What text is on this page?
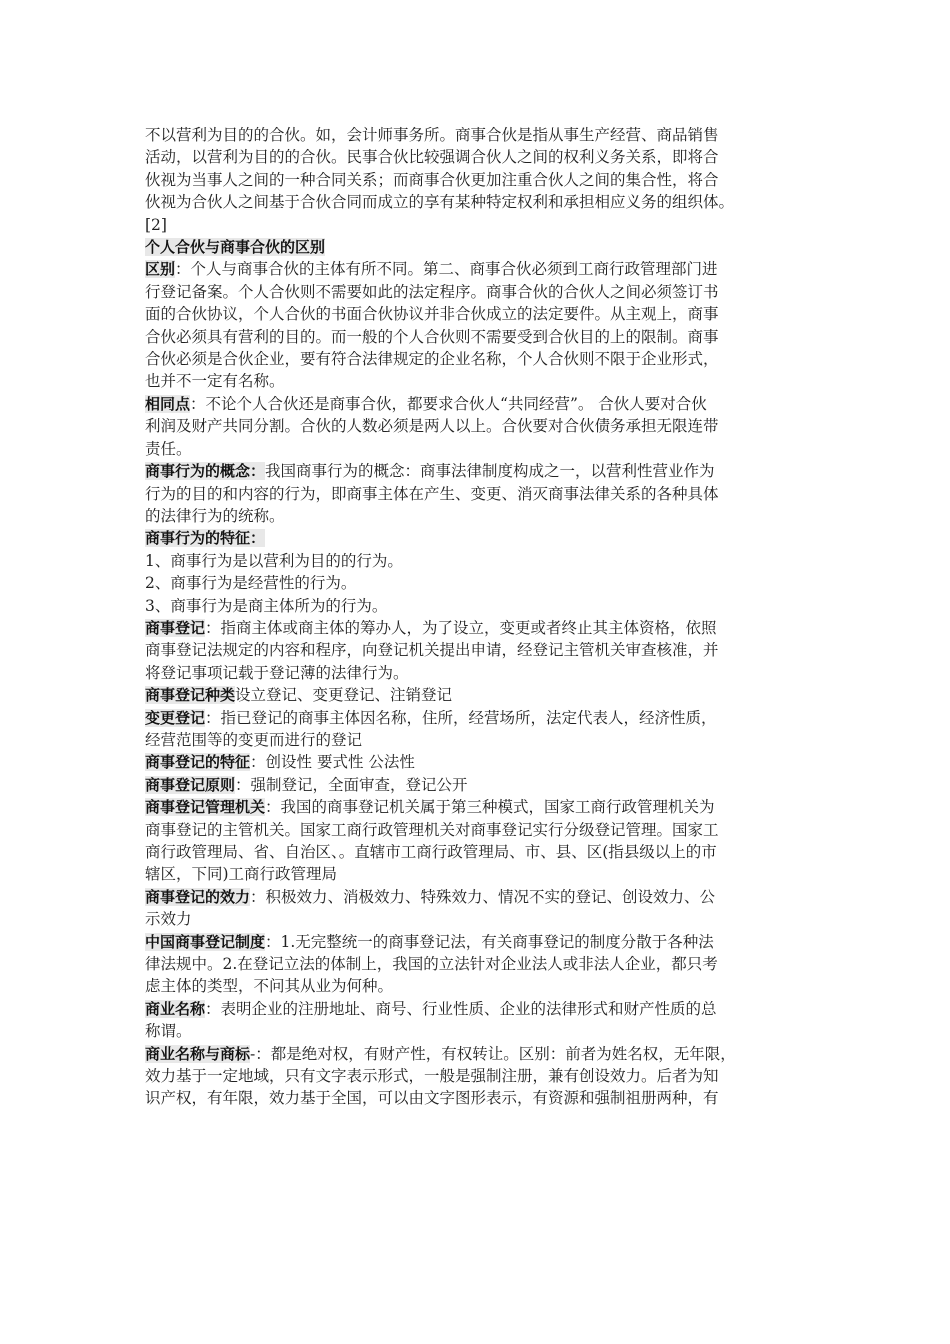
不以营利为目的的合伙。如，会计师事务所。商事合伙是指从事生产经营、商品销售

活动，以营利为目的的合伙。民事合伙比较强调合伙人之间的权利义务关系，即将合

伙视为当事人之间的一种合同关系；而商事合伙更加注重合伙人之间的集合性，将合

伙视为合伙人之间基于合伙合同而成立的享有某种特定权利和承担相应义务的组织体。

[2]

个人合伙与商事合伙的区别

区别：个人与商事合伙的主体有所不同。第二、商事合伙必须到工商行政管理部门进

行登记备案。个人合伙则不需要如此的法定程序。商事合伙的合伙人之间必须签订书

面的合伙协议，个人合伙的书面合伙协议并非合伙成立的法定要件。从主观上，商事

合伙必须具有营利的目的。而一般的个人合伙则不需要受到合伙目的上的限制。商事

合伙必须是合伙企业，要有符合法律规定的企业名称，个人合伙则不限于企业形式，

也并不一定有名称。

相同点：不论个人合伙还是商事合伙，都要求合伙人“共同经营”。 合伙人要对合伙

利润及财产共同分割。合伙的人数必须是两人以上。合伙要对合伙债务承担无限连带

责任。

商事行为的概念：我国商事行为的概念：商事法律制度构成之一，以营利性营业作为

行为的目的和内容的行为，即商事主体在产生、变更、消灭商事法律关系的各种具体

的法律行为的统称。

商事行为的特征：

1、商事行为是以营利为目的的行为。

2、商事行为是经营性的行为。

3、商事行为是商主体所为的行为。

商事登记：指商主体或商主体的筹办人，为了设立，变更或者终止其主体资格，依照

商事登记法规定的内容和程序，向登记机关提出申请，经登记主管机关审查核准，并

将登记事项记载于登记薄的法律行为。

商事登记种类设立登记、变更登记、注销登记

变更登记：指已登记的商事主体因名称，住所，经营场所，法定代表人，经济性质，

经营范围等的变更而进行的登记

商事登记的特征：创设性 要式性 公法性

商事登记原则：强制登记，全面审查，登记公开

商事登记管理机关：我国的商事登记机关属于第三种模式，国家工商行政管理机关为

商事登记的主管机关。国家工商行政管理机关对商事登记实行分级登记管理。国家工

商行政管理局、省、自治区、。直辖市工商行政管理局、市、县、区(指县级以上的市

辖区，下同)工商行政管理局

商事登记的效力：积极效力、消极效力、特殊效力、情况不实的登记、创设效力、公

示效力

中国商事登记制度：1.无完整统一的商事登记法，有关商事登记的制度分散于各种法

律法规中。2.在登记立法的体制上，我国的立法针对企业法人或非法人企业，都只考

虑主体的类型，不问其从业为何种。

商业名称：表明企业的注册地址、商号、行业性质、企业的法律形式和财产性质的总

称谓。

商业名称与商标-：都是绝对权，有财产性，有权转让。区别：前者为姓名权，无年限，

效力基于一定地域，只有文字表示形式，一般是强制注册，兼有创设效力。后者为知

识产权，有年限，效力基于全国，可以由文字图形表示，有资源和强制祖册两种，有
